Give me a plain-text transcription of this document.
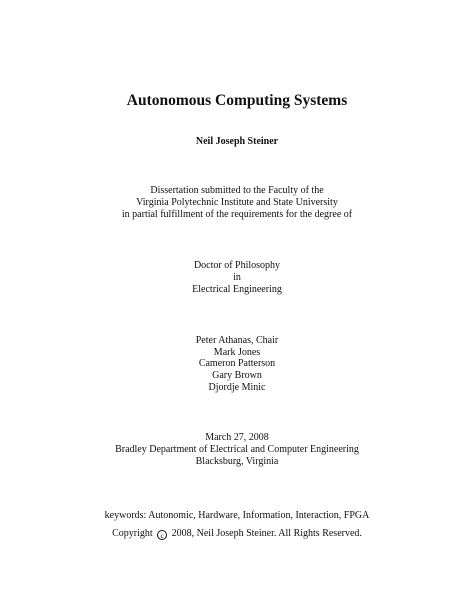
Autonomous Computing Systems
Neil Joseph Steiner
Dissertation submitted to the Faculty of the
Virginia Polytechnic Institute and State University
in partial fulfillment of the requirements for the degree of
Doctor of Philosophy
in
Electrical Engineering
Peter Athanas, Chair
Mark Jones
Cameron Patterson
Gary Brown
Djordje Minic
March 27, 2008
Bradley Department of Electrical and Computer Engineering
Blacksburg, Virginia
keywords: Autonomic, Hardware, Information, Interaction, FPGA
Copyright c 2008, Neil Joseph Steiner. All Rights Reserved.
